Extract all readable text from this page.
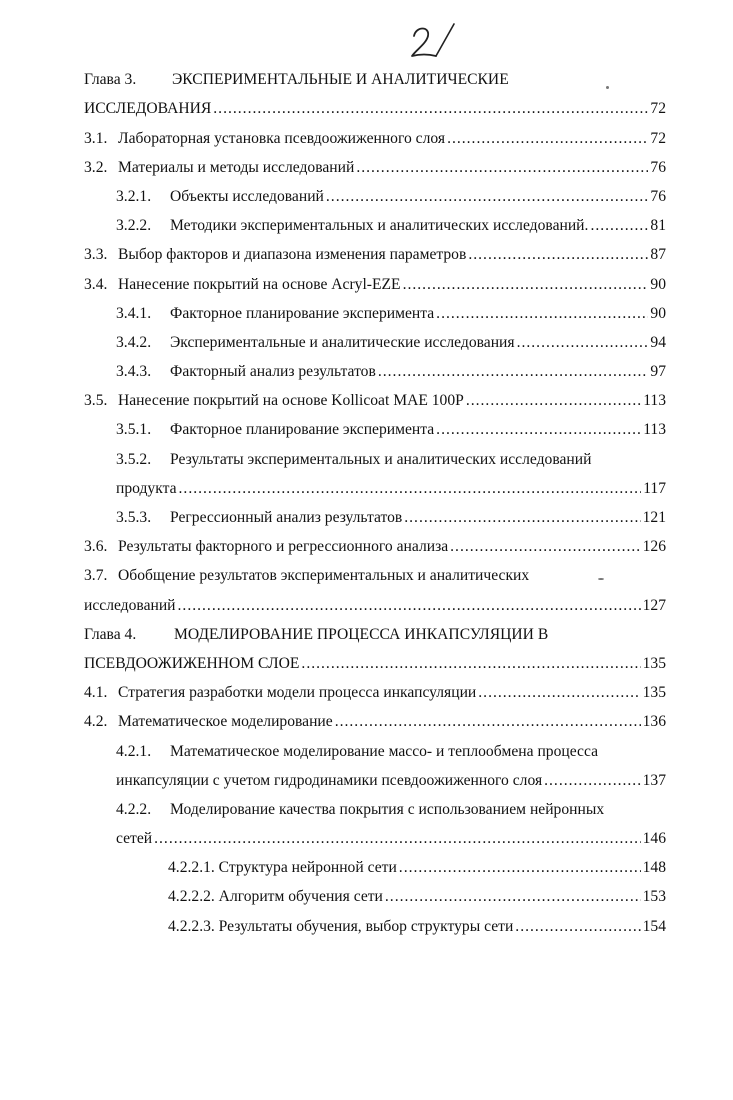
Глава 3. ЭКСПЕРИМЕНТАЛЬНЫЕ И АНАЛИТИЧЕСКИЕ
ИССЛЕДОВАНИЯ .....	72
3.1. Лабораторная установка псевдоожиженного слоя .....	72
3.2. Материалы и методы исследований .....	76
3.2.1. Объекты исследований .....	76
3.2.2. Методики экспериментальных и аналитических исследований. .....	81
3.3. Выбор факторов и диапазона изменения параметров .....	87
3.4. Нанесение покрытий на основе Acryl-EZE .....	90
3.4.1. Факторное планирование эксперимента .....	90
3.4.2. Экспериментальные и аналитические исследования .....	94
3.4.3. Факторный анализ результатов .....	97
3.5. Нанесение покрытий на основе Kollicoat MAE 100P .....	113
3.5.1. Факторное планирование эксперимента .....	113
3.5.2. Результаты экспериментальных и аналитических исследований
продукта .....	117
3.5.3. Регрессионный анализ результатов .....	121
3.6. Результаты факторного и регрессионного анализа .....	126
3.7. Обобщение результатов экспериментальных и аналитических
исследований .....	127
Глава 4. МОДЕЛИРОВАНИЕ ПРОЦЕССА ИНКАПСУЛЯЦИИ В
ПСЕВДООЖИЖЕННОМ СЛОЕ .....	135
4.1. Стратегия разработки модели процесса инкапсуляции .....	135
4.2. Математическое моделирование .....	136
4.2.1. Математическое моделирование массо- и теплообмена процесса
инкапсуляции с учетом гидродинамики псевдоожиженного слоя .....	137
4.2.2. Моделирование качества покрытия с использованием нейронных
сетей .....	146
4.2.2.1. Структура нейронной сети .....	148
4.2.2.2. Алгоритм обучения сети .....	153
4.2.2.3. Результаты обучения, выбор структуры сети .....	154
